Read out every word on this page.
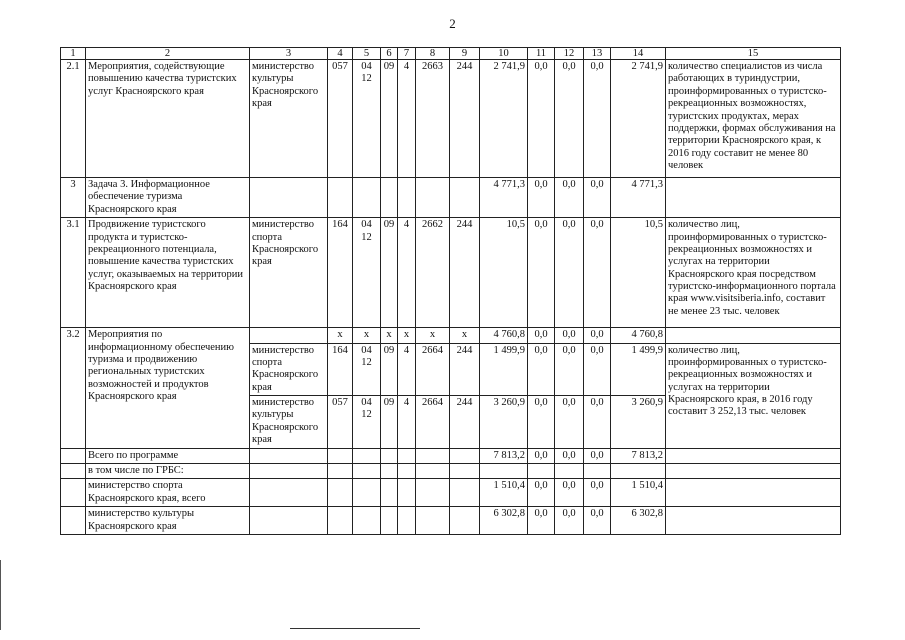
2
1	2	3	4	5	6	7	8	9	10	11	12	13	14	15
2.1	Мероприятия, содействующие повышению качества туристских услуг Красноярского края	министерство культуры Красноярского края	057	04 12	09	4	2663	244	2 741,9	0,0	0,0	0,0	2 741,9	количество специалистов из числа работающих в туриндустрии, проинформированных о туристско-рекреационных возможностях, туристских продуктах, мерах поддержки, формах обслуживания на территории Красноярского края, к 2016 году составит не менее 80 человек
3	Задача 3. Информационное обеспечение туризма Красноярского края								4 771,3	0,0	0,0	0,0	4 771,3	
3.1	Продвижение туристского продукта и туристско-рекреационного потенциала, повышение качества туристских услуг, оказываемых на территории Красноярского края	министерство спорта Красноярского края	164	04 12	09	4	2662	244	10,5	0,0	0,0	0,0	10,5	количество лиц, проинформированных о туристско-рекреационных возможностях и услугах на территории Красноярского края посредством туристско-информационного портала края www.visitsiberia.info, составит не менее 23 тыс. человек
3.2	Мероприятия по информационному обеспечению туризма и продвижению региональных туристских возможностей и продуктов Красноярского края		х	х	х	х	х	х	4 760,8	0,0	0,0	0,0	4 760,8	
		министерство спорта Красноярского края	164	04 12	09	4	2664	244	1 499,9	0,0	0,0	0,0	1 499,9	количество лиц, проинформированных о туристско-рекреационных возможностях и услугах на территории Красноярского края, в 2016 году составит 3 252,13 тыс. человек
		министерство культуры Красноярского края	057	04 12	09	4	2664	244	3 260,9	0,0	0,0	0,0	3 260,9	
	Всего по программе								7 813,2	0,0	0,0	0,0	7 813,2	
	в том числе по ГРБС:													
	министерство спорта Красноярского края, всего								1 510,4	0,0	0,0	0,0	1 510,4	
	министерство культуры Красноярского края								6 302,8	0,0	0,0	0,0	6 302,8	
